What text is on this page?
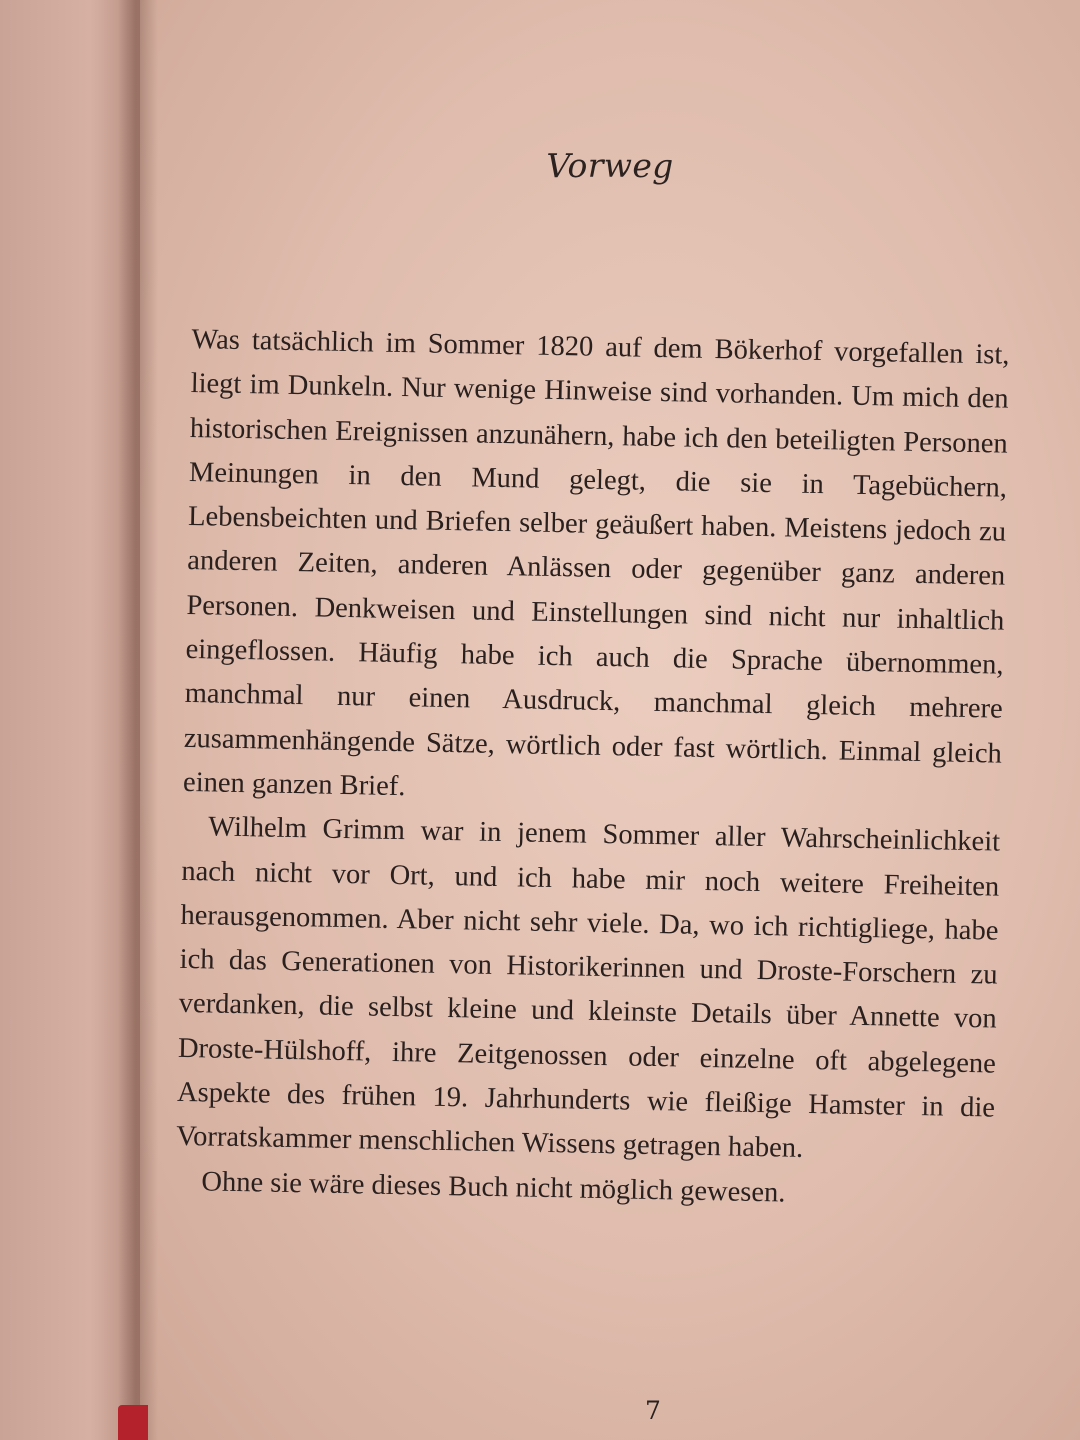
Vorweg

Was tatsächlich im Sommer 1820 auf dem Bökerhof vorgefallen ist, liegt im Dunkeln. Nur wenige Hinweise sind vorhanden. Um mich den historischen Ereignissen anzunähern, habe ich den beteiligten Personen Meinungen in den Mund gelegt, die sie in Tagebüchern, Lebensbeichten und Briefen selber geäußert haben. Meistens jedoch zu anderen Zeiten, anderen Anlässen oder gegenüber ganz anderen Personen. Denkweisen und Einstellungen sind nicht nur inhaltlich eingeflossen. Häufig habe ich auch die Sprache übernommen, manchmal nur einen Ausdruck, manchmal gleich mehrere zusammenhängende Sätze, wörtlich oder fast wörtlich. Einmal gleich einen ganzen Brief.

Wilhelm Grimm war in jenem Sommer aller Wahrscheinlichkeit nach nicht vor Ort, und ich habe mir noch weitere Freiheiten herausgenommen. Aber nicht sehr viele. Da, wo ich richtigliege, habe ich das Generationen von Historikerinnen und Droste-Forschern zu verdanken, die selbst kleine und kleinste Details über Annette von Droste-Hülshoff, ihre Zeitgenossen oder einzelne oft abgelegene Aspekte des frühen 19. Jahrhunderts wie fleißige Hamster in die Vorratskammer menschlichen Wissens getragen haben.

Ohne sie wäre dieses Buch nicht möglich gewesen.

7
